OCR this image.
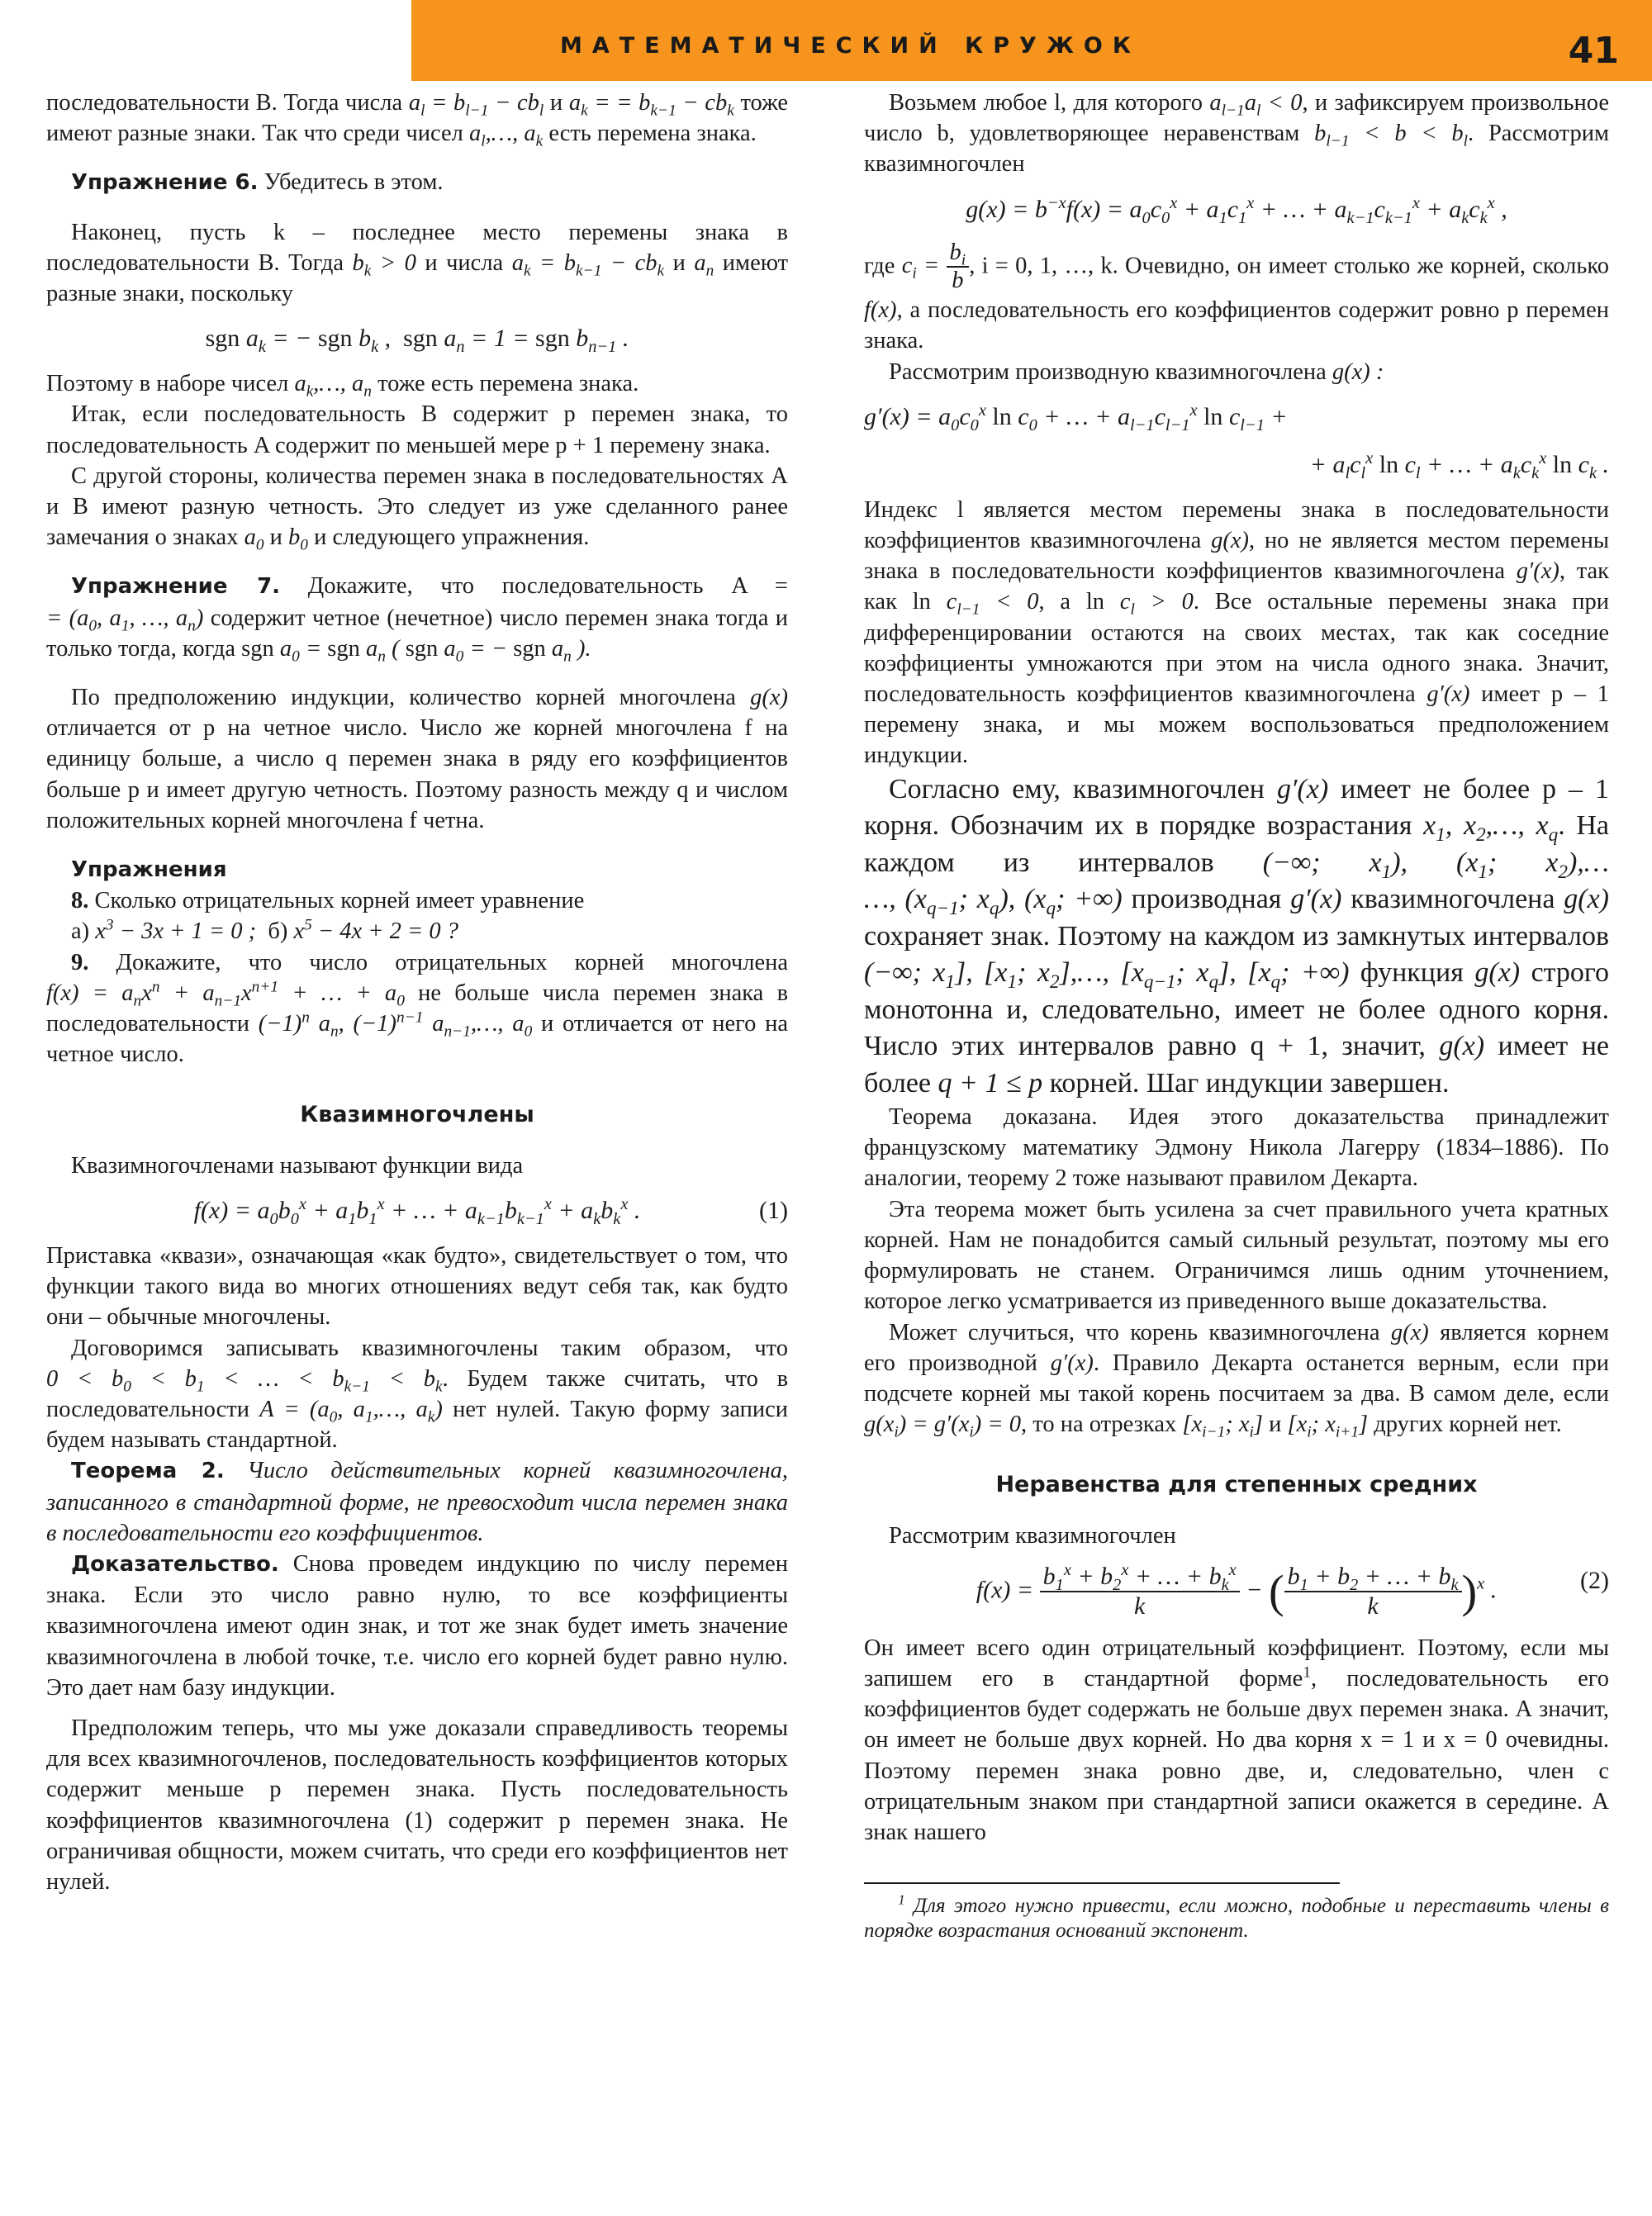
МАТЕМАТИЧЕСКИЙ КРУЖОК	41

последовательности B. Тогда числа $a_l = b_{l-1} - cb_l$ и $a_k$ = = $b_{k-1} - cb_k$ тоже имеют разные знаки. Так что среди чисел $a_l,\dots$, $a_k$ есть перемена знака.

Упражнение 6. Убедитесь в этом.

Наконец, пусть k – последнее место перемены знака в последовательности B. Тогда $b_k > 0$ и числа $a_k = b_{k-1} - cb_k$ и $a_n$ имеют разные знаки, поскольку

sgn $a_k$ = − sgn $b_k$ ,  sgn $a_n = 1$ = sgn $b_{n-1}$ .

Поэтому в наборе чисел $a_k,\dots$, $a_n$ тоже есть перемена знака.

Итак, если последовательность B содержит p перемен знака, то последовательность A содержит по меньшей мере p + 1 перемену знака.

С другой стороны, количества перемен знака в последовательностях A и B имеют разную четность. Это следует из уже сделанного ранее замечания о знаках $a_0$ и $b_0$ и следующего упражнения.

Упражнение 7. Докажите, что последовательность A = = ($a_0$, $a_1$, …, $a_n$) содержит четное (нечетное) число перемен знака тогда и только тогда, когда sgn $a_0$ = sgn $a_n$ ( sgn $a_0$ = − sgn $a_n$ ).

По предположению индукции, количество корней многочлена g(x) отличается от p на четное число. Число же корней многочлена f на единицу больше, а число q перемен знака в ряду его коэффициентов больше p и имеет другую четность. Поэтому разность между q и числом положительных корней многочлена f четна.

Упражнения

8. Сколько отрицательных корней имеет уравнение

а) $x^3 - 3x + 1 = 0$ ; б) $x^5 - 4x + 2 = 0$ ?

9. Докажите, что число отрицательных корней многочлена $f(x) = a_nx^n + a_{n-1}x^{n+1}$ + … + $a_0$ не больше числа перемен знака в последовательности $(-1)^n$ $a_n$, $(-1)^{n-1}$ $a_{n-1},\dots$, $a_0$ и отличается от него на четное число.

Квазимногочлены

Квазимногочленами называют функции вида

$f(x) = a_0b_0^x + a_1b_1^x$ + … + $a_{k-1}b_{k-1}^x + a_kb_k^x$ .	(1)

Приставка «квази», означающая «как будто», свидетельствует о том, что функции такого вида во многих отношениях ведут себя так, как будто они – обычные многочлены.

Договоримся записывать квазимногочлены таким образом, что $0 < b_0 < b_1$ < … < $b_{k-1} < b_k$. Будем также считать, что в последовательности $A = (a_0$, $a_1,\dots$, $a_k$) нет нулей. Такую форму записи будем называть стандартной.

Теорема 2. Число действительных корней квазимногочлена, записанного в стандартной форме, не превосходит числа перемен знака в последовательности его коэффициентов.

Доказательство. Снова проведем индукцию по числу перемен знака. Если это число равно нулю, то все коэффициенты квазимногочлена имеют один знак, и тот же знак будет иметь значение квазимногочлена в любой точке, т.е. число его корней будет равно нулю. Это дает нам базу индукции.

Предположим теперь, что мы уже доказали справедливость теоремы для всех квазимногочленов, последовательность коэффициентов которых содержит меньше p перемен знака. Пусть последовательность коэффициентов квазимногочлена (1) содержит p перемен знака. Не ограничивая общности, можем считать, что среди его коэффициентов нет нулей.

Возьмем любое l, для которого $a_{l-1}a_l < 0$, и зафиксируем произвольное число b, удовлетворяющее неравенствам $b_{l-1} < b < b_l$. Рассмотрим квазимногочлен

$g(x) = b^{-x}f(x) = a_0c_0^x + a_1c_1^x$ + … + $a_{k-1}c_{k-1}^x + a_kc_k^x$ ,

где $c_i = \frac{b_i}{b}$ , i = 0, 1, …, k. Очевидно, он имеет столько же корней, сколько f(x), а последовательность его коэффициентов содержит ровно p перемен знака.

Рассмотрим производную квазимногочлена g(x) :

$g'(x) = a_0c_0^x$ $\ln c_0$ + … + $a_{l-1}c_{l-1}^x$ $\ln c_{l-1}$ +
+ $a_lc_l^x$ $\ln c_l$ + … + $a_kc_k^x$ $\ln c_k$ .

Индекс l является местом перемены знака в последовательности коэффициентов квазимногочлена g(x), но не является местом перемены знака в последовательности коэффициентов квазимногочлена g′(x), так как $\ln c_{l-1} < 0$, а $\ln c_l > 0$. Все остальные перемены знака при дифференцировании остаются на своих местах, так как соседние коэффициенты умножаются при этом на числа одного знака. Значит, последовательность коэффициентов квазимногочлена g′(x) имеет p – 1 перемену знака, и мы можем воспользоваться предположением индукции.

Согласно ему, квазимногочлен g′(x) имеет не более p – 1 корня. Обозначим их в порядке возрастания $x_1$, $x_2,\dots$, $x_q$. На каждом из интервалов (−∞; $x_1$), ($x_1$; $x_2),\dots$ …, ($x_{q-1}$; $x_q$), ($x_q$; +∞) производная g′(x) квазимногочлена g(x) сохраняет знак. Поэтому на каждом из замкнутых интервалов (−∞; $x_1$], [$x_1$; $x_2],\dots$, [$x_{q-1}$; $x_q$], [$x_q$; +∞) функция g(x) строго монотонна и, следовательно, имеет не более одного корня. Число этих интервалов равно q + 1, значит, g(x) имеет не более q + 1 ≤ p корней. Шаг индукции завершен.

Теорема доказана. Идея этого доказательства принадлежит французскому математику Эдмону Никола Лагерру (1834–1886). По аналогии, теорему 2 тоже называют правилом Декарта.

Эта теорема может быть усилена за счет правильного учета кратных корней. Нам не понадобится самый сильный результат, поэтому мы его формулировать не станем. Ограничимся лишь одним уточнением, которое легко усматривается из приведенного выше доказательства.

Может случиться, что корень квазимногочлена g(x) является корнем его производной g′(x). Правило Декарта останется верным, если при подсчете корней мы такой корень посчитаем за два. В самом деле, если $g(x_i) = g'(x_i) = 0$, то на отрезках [$x_{i-1}$; $x_i$] и [$x_i$; $x_{i+1}$] других корней нет.

Неравенства для степенных средних

Рассмотрим квазимногочлен

$f(x) = \frac{b_1^x + b_2^x + \dots + b_k^x}{k}$ − ( $\frac{b_1 + b_2 + \dots + b_k}{k} )^x$ .	(2)

Он имеет всего один отрицательный коэффициент. Поэтому, если мы запишем его в стандартной форме$^1$, последовательность его коэффициентов будет содержать не больше двух перемен знака. А значит, он имеет не больше двух корней. Но два корня x = 1 и x = 0 очевидны. Поэтому перемен знака ровно две, и, следовательно, член с отрицательным знаком при стандартной записи окажется в середине. А знак нашего

$^1$ Для этого нужно привести, если можно, подобные и переставить члены в порядке возрастания оснований экспонент.
